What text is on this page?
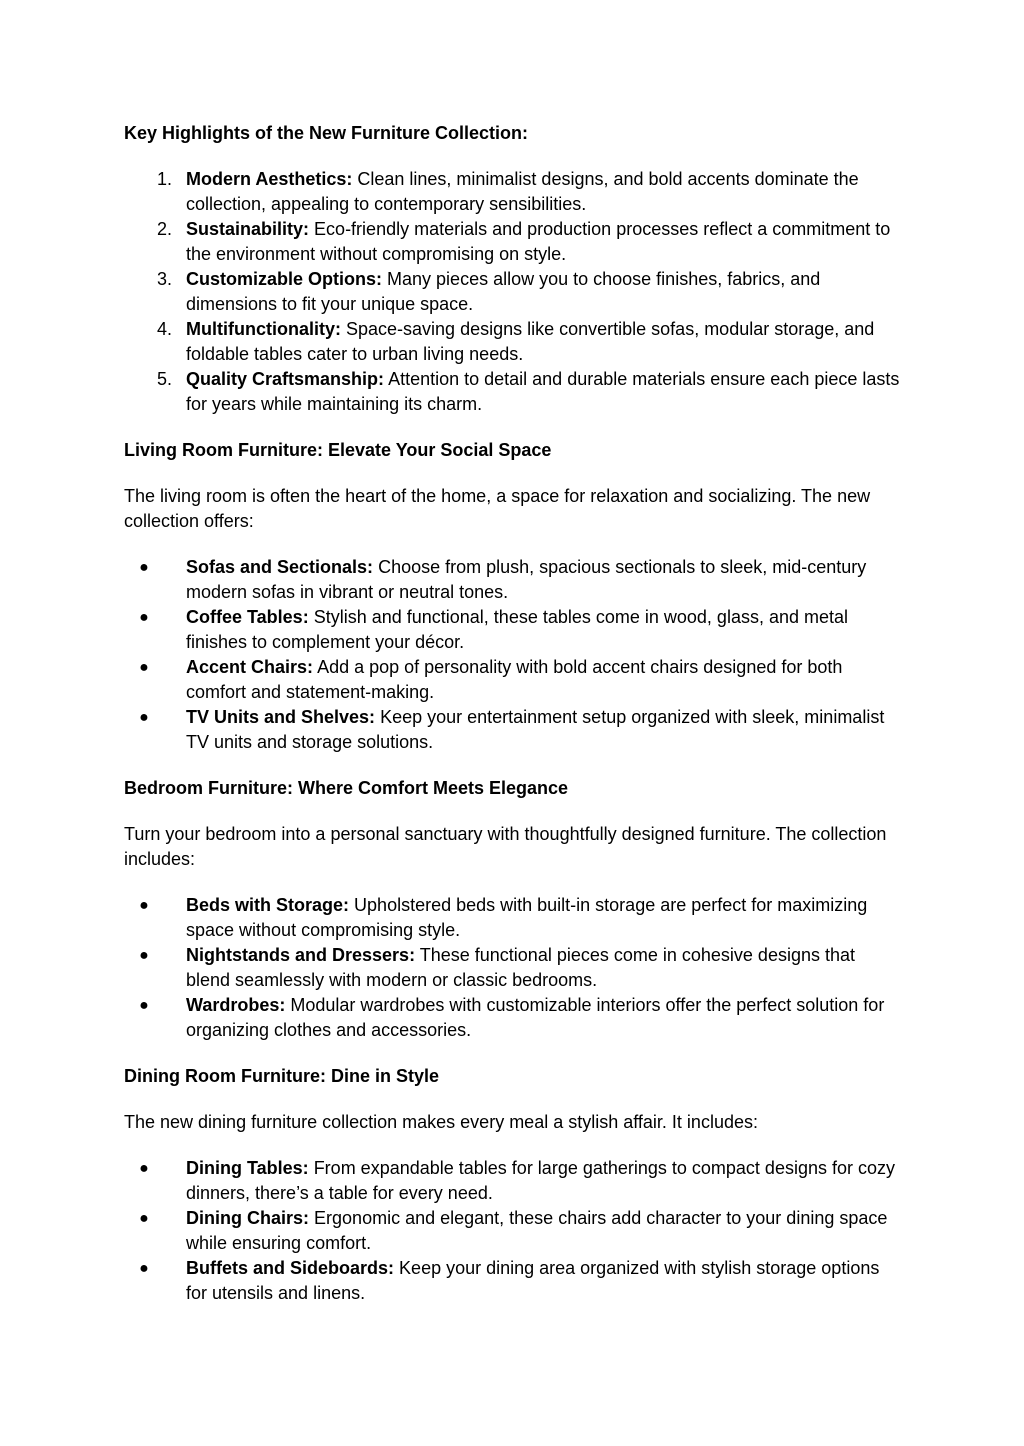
Key Highlights of the New Furniture Collection:

1. Modern Aesthetics: Clean lines, minimalist designs, and bold accents dominate the collection, appealing to contemporary sensibilities.
2. Sustainability: Eco-friendly materials and production processes reflect a commitment to the environment without compromising on style.
3. Customizable Options: Many pieces allow you to choose finishes, fabrics, and dimensions to fit your unique space.
4. Multifunctionality: Space-saving designs like convertible sofas, modular storage, and foldable tables cater to urban living needs.
5. Quality Craftsmanship: Attention to detail and durable materials ensure each piece lasts for years while maintaining its charm.

Living Room Furniture: Elevate Your Social Space

The living room is often the heart of the home, a space for relaxation and socializing. The new collection offers:

●	Sofas and Sectionals: Choose from plush, spacious sectionals to sleek, mid-century modern sofas in vibrant or neutral tones.
●	Coffee Tables: Stylish and functional, these tables come in wood, glass, and metal finishes to complement your décor.
●	Accent Chairs: Add a pop of personality with bold accent chairs designed for both comfort and statement-making.
●	TV Units and Shelves: Keep your entertainment setup organized with sleek, minimalist TV units and storage solutions.

Bedroom Furniture: Where Comfort Meets Elegance

Turn your bedroom into a personal sanctuary with thoughtfully designed furniture. The collection includes:

●	Beds with Storage: Upholstered beds with built-in storage are perfect for maximizing space without compromising style.
●	Nightstands and Dressers: These functional pieces come in cohesive designs that blend seamlessly with modern or classic bedrooms.
●	Wardrobes: Modular wardrobes with customizable interiors offer the perfect solution for organizing clothes and accessories.

Dining Room Furniture: Dine in Style

The new dining furniture collection makes every meal a stylish affair. It includes:

●	Dining Tables: From expandable tables for large gatherings to compact designs for cozy dinners, there’s a table for every need.
●	Dining Chairs: Ergonomic and elegant, these chairs add character to your dining space while ensuring comfort.
●	Buffets and Sideboards: Keep your dining area organized with stylish storage options for utensils and linens.
